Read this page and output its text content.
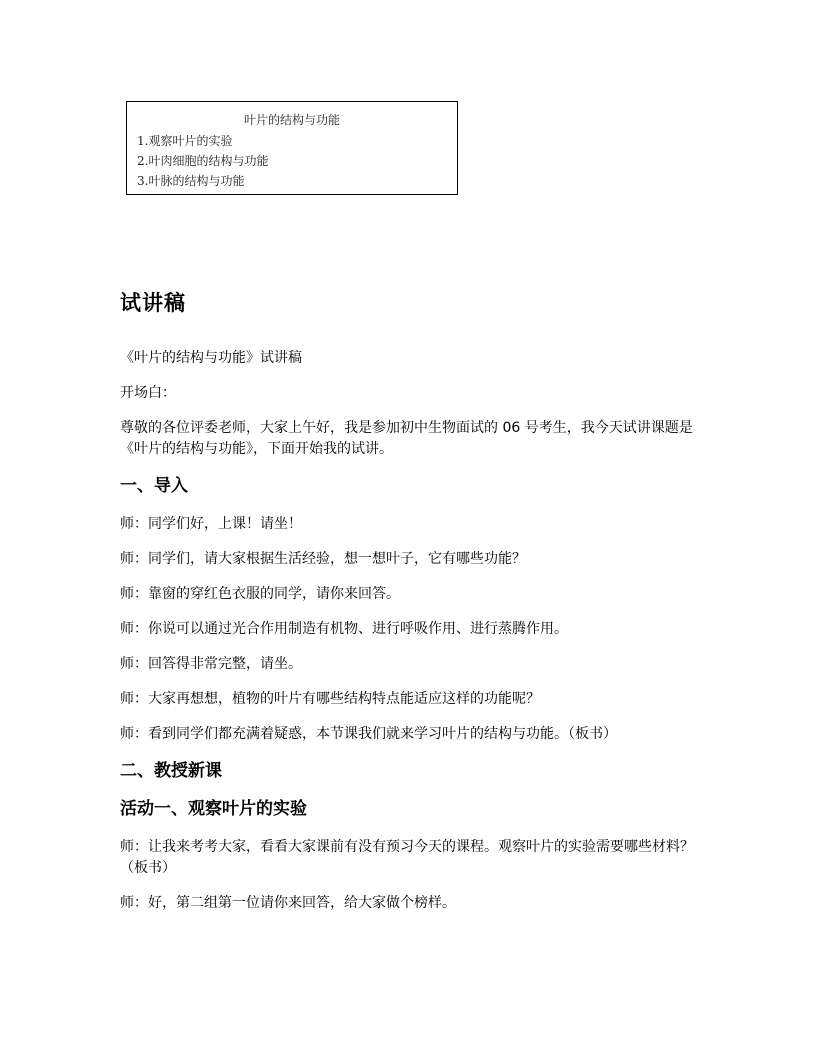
叶片的结构与功能
1.观察叶片的实验
2.叶肉细胞的结构与功能
3.叶脉的结构与功能
试讲稿
《叶片的结构与功能》试讲稿
开场白：
尊敬的各位评委老师，大家上午好，我是参加初中生物面试的 06 号考生，我今天试讲课题是《叶片的结构与功能》，下面开始我的试讲。
一、导入
师：同学们好，上课！请坐！
师：同学们，请大家根据生活经验，想一想叶子，它有哪些功能？
师：靠窗的穿红色衣服的同学，请你来回答。
师：你说可以通过光合作用制造有机物、进行呼吸作用、进行蒸腾作用。
师：回答得非常完整，请坐。
师：大家再想想，植物的叶片有哪些结构特点能适应这样的功能呢？
师：看到同学们都充满着疑惑，本节课我们就来学习叶片的结构与功能。（板书）
二、教授新课
活动一、观察叶片的实验
师：让我来考考大家，看看大家课前有没有预习今天的课程。观察叶片的实验需要哪些材料？（板书）
师：好，第二组第一位请你来回答，给大家做个榜样。
